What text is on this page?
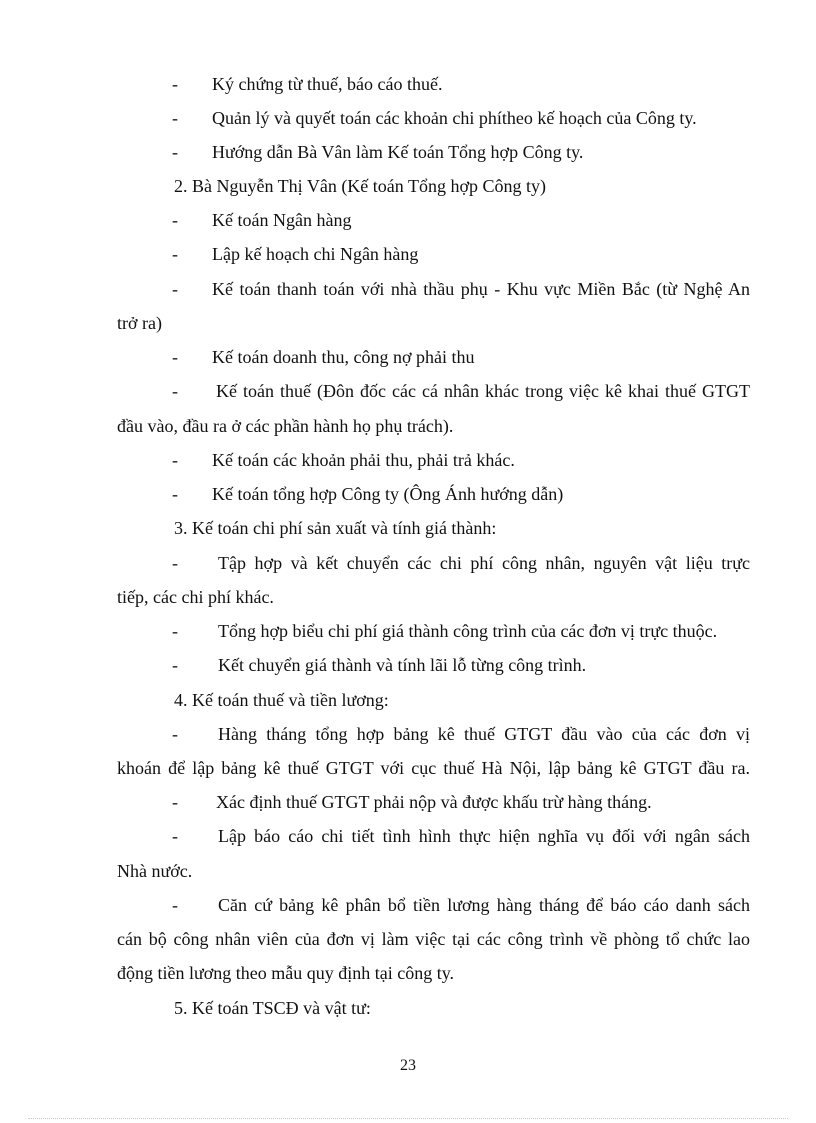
- Ký chứng từ thuế, báo cáo thuế.
- Quản lý và quyết toán các khoản chi phítheo kế hoạch của Công ty.
- Hướng dẫn Bà Vân làm Kế toán Tổng hợp Công ty.
2. Bà Nguyễn Thị Vân (Kế toán Tổng hợp Công ty)
- Kế toán Ngân hàng
- Lập kế hoạch chi Ngân hàng
- Kế toán thanh toán với nhà thầu phụ - Khu vực Miền Bắc (từ Nghệ An
trở ra)
- Kế toán doanh thu, công nợ phải thu
- Kế toán thuế (Đôn đốc các cá nhân khác trong việc kê khai thuế GTGT
đầu vào, đầu ra ở các phần hành họ phụ trách).
- Kế toán các khoản phải thu, phải trả khác.
- Kế toán tổng hợp Công ty (Ông Ánh hướng dẫn)
3. Kế toán chi phí sản xuất và tính giá thành:
- Tập hợp và kết chuyển các chi phí công nhân, nguyên vật liệu trực
tiếp, các chi phí khác.
- Tổng hợp biểu chi phí giá thành công trình của các đơn vị trực thuộc.
- Kết chuyển giá thành và tính lãi lỗ từng công trình.
4. Kế toán thuế và tiền lương:
- Hàng tháng tổng hợp bảng kê thuế GTGT đầu vào của các đơn vị
khoán để lập bảng kê thuế GTGT với cục thuế Hà Nội, lập bảng kê GTGT đầu ra.
- Xác định thuế GTGT phải nộp và được khấu trừ hàng tháng.
- Lập báo cáo chi tiết tình hình thực hiện nghĩa vụ đối với ngân sách
Nhà nước.
- Căn cứ bảng kê phân bổ tiền lương hàng tháng để báo cáo danh sách
cán bộ công nhân viên của đơn vị làm việc tại các công trình về phòng tổ chức lao
động tiền lương theo mẫu quy định tại công ty.
5. Kế toán TSCĐ và vật tư:
23
